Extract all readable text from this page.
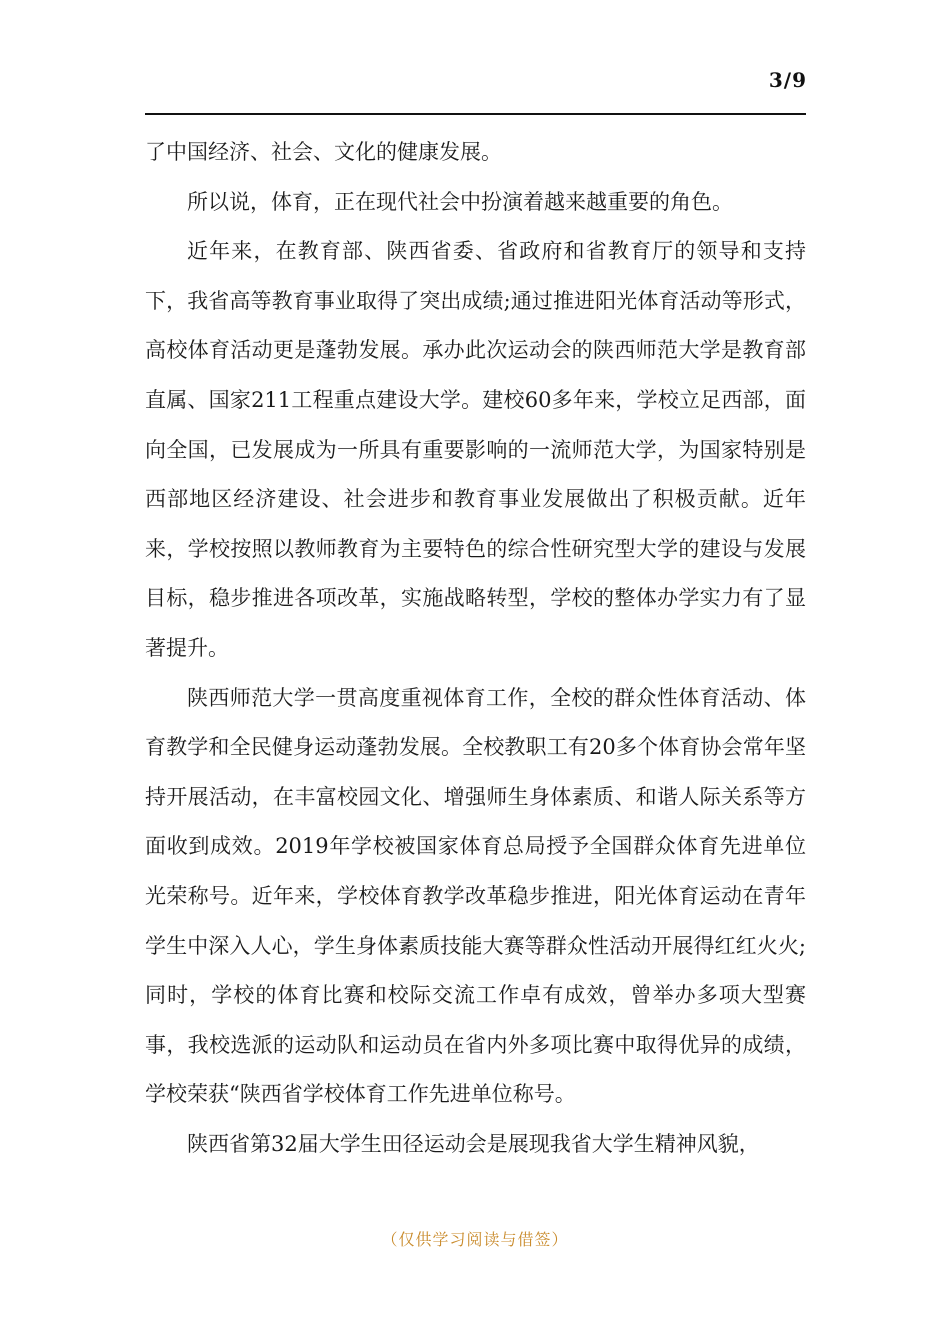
3/9

了中国经济、社会、文化的健康发展。

所以说，体育，正在现代社会中扮演着越来越重要的角色。

近年来，在教育部、陕西省委、省政府和省教育厅的领导和支持下，我省高等教育事业取得了突出成绩;通过推进阳光体育活动等形式，高校体育活动更是蓬勃发展。承办此次运动会的陕西师范大学是教育部直属、国家211工程重点建设大学。建校60多年来，学校立足西部，面向全国，已发展成为一所具有重要影响的一流师范大学，为国家特别是西部地区经济建设、社会进步和教育事业发展做出了积极贡献。近年来，学校按照以教师教育为主要特色的综合性研究型大学的建设与发展目标，稳步推进各项改革，实施战略转型，学校的整体办学实力有了显著提升。

陕西师范大学一贯高度重视体育工作，全校的群众性体育活动、体育教学和全民健身运动蓬勃发展。全校教职工有20多个体育协会常年坚持开展活动，在丰富校园文化、增强师生身体素质、和谐人际关系等方面收到成效。2019年学校被国家体育总局授予全国群众体育先进单位光荣称号。近年来，学校体育教学改革稳步推进，阳光体育运动在青年学生中深入人心，学生身体素质技能大赛等群众性活动开展得红红火火;同时，学校的体育比赛和校际交流工作卓有成效，曾举办多项大型赛事，我校选派的运动队和运动员在省内外多项比赛中取得优异的成绩，学校荣获“陕西省学校体育工作先进单位称号。

陕西省第32届大学生田径运动会是展现我省大学生精神风貌，

（仅供学习阅读与借签）
